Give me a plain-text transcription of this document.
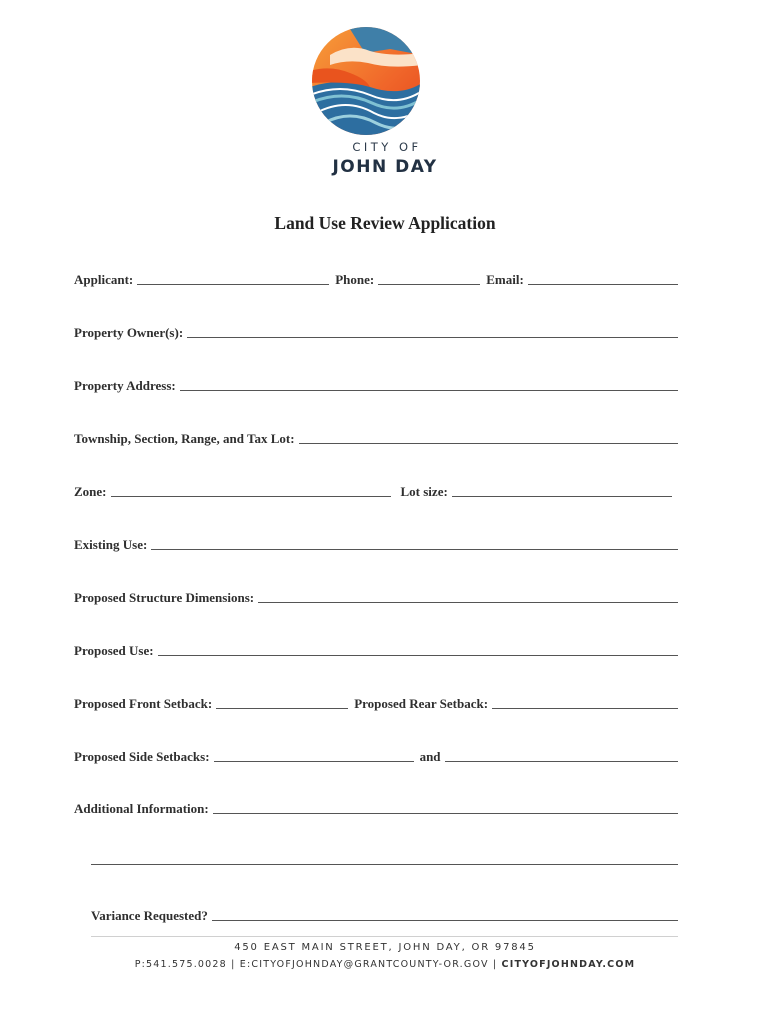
CITY OF
JOHN DAY
Land Use Review Application
Applicant:	Phone:	Email:
Property Owner(s):
Property Address:
Township, Section, Range, and Tax Lot:
Zone:	Lot size:
Existing Use:
Proposed Structure Dimensions:
Proposed Use:
Proposed Front Setback:	Proposed Rear Setback:
Proposed Side Setbacks:	and
Additional Information:
Variance Requested?
450 EAST MAIN STREET, JOHN DAY, OR 97845
P:541.575.0028 | E:CITYOFJOHNDAY@GRANTCOUNTY-OR.GOV | CITYOFJOHNDAY.COM
